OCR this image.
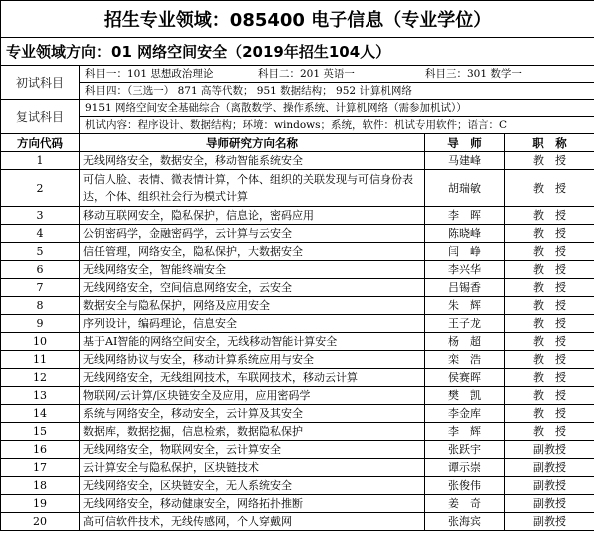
招生专业领域：085400 电子信息（专业学位）			
专业领域方向：01 网络空间安全（2019年招生104人）			
初试科目	科目一：101 思想政治理论 科目二：201 英语一 科目三：301 数学一		

	科目四：（三选一） 871 高等代数； 951 数据结构； 952 计算机网络		
复试科目	9151 网络空间安全基础综合（离散数学、操作系统、计算机网络（需参加机试））		
	机试内容：程序设计、数据结构；环境：windows；系统，软件：机试专用软件；语言：C		
方向代码	导师研究方向名称	导　师	职　称
1	无线网络安全，数据安全，移动智能系统安全	马建峰	教　授
2	可信人脸、表情、微表情计算，个体、组织的关联发现与可信身份表达，个体、组织社会行为模式计算	胡瑞敏	教　授
3	移动互联网安全，隐私保护，信息论，密码应用	李　晖	教　授
4	公钥密码学，金融密码学，云计算与云安全	陈晓峰	教　授
5	信任管理，网络安全，隐私保护，大数据安全	闫　峥	教　授
6	无线网络安全，智能终端安全	李兴华	教　授
7	无线网络安全，空间信息网络安全，云安全	吕锡香	教　授
8	数据安全与隐私保护，网络及应用安全	朱　辉	教　授
9	序列设计，编码理论，信息安全	王子龙	教　授
10	基于AI智能的网络空间安全，无线移动智能计算安全	杨　超	教　授
11	无线网络协议与安全，移动计算系统应用与安全	栾　浩	教　授
12	无线网络安全，无线组网技术，车联网技术，移动云计算	侯赛晖	教　授
13	物联网/云计算/区块链安全及应用，应用密码学	樊　凯	教　授
14	系统与网络安全，移动安全，云计算及其安全	李金库	教　授
15	数据库，数据挖掘，信息检索，数据隐私保护	李　辉	教　授
16	无线网络安全，物联网安全，云计算安全	张跃宇	副教授
17	云计算安全与隐私保护，区块链技术	谭示崇	副教授
18	无线网络安全，区块链安全，无人系统安全	张俊伟	副教授
19	无线网络安全，移动健康安全，网络拓扑推断	姜　奇	副教授
20	高可信软件技术，无线传感网，个人穿戴网	张海宾	副教授
